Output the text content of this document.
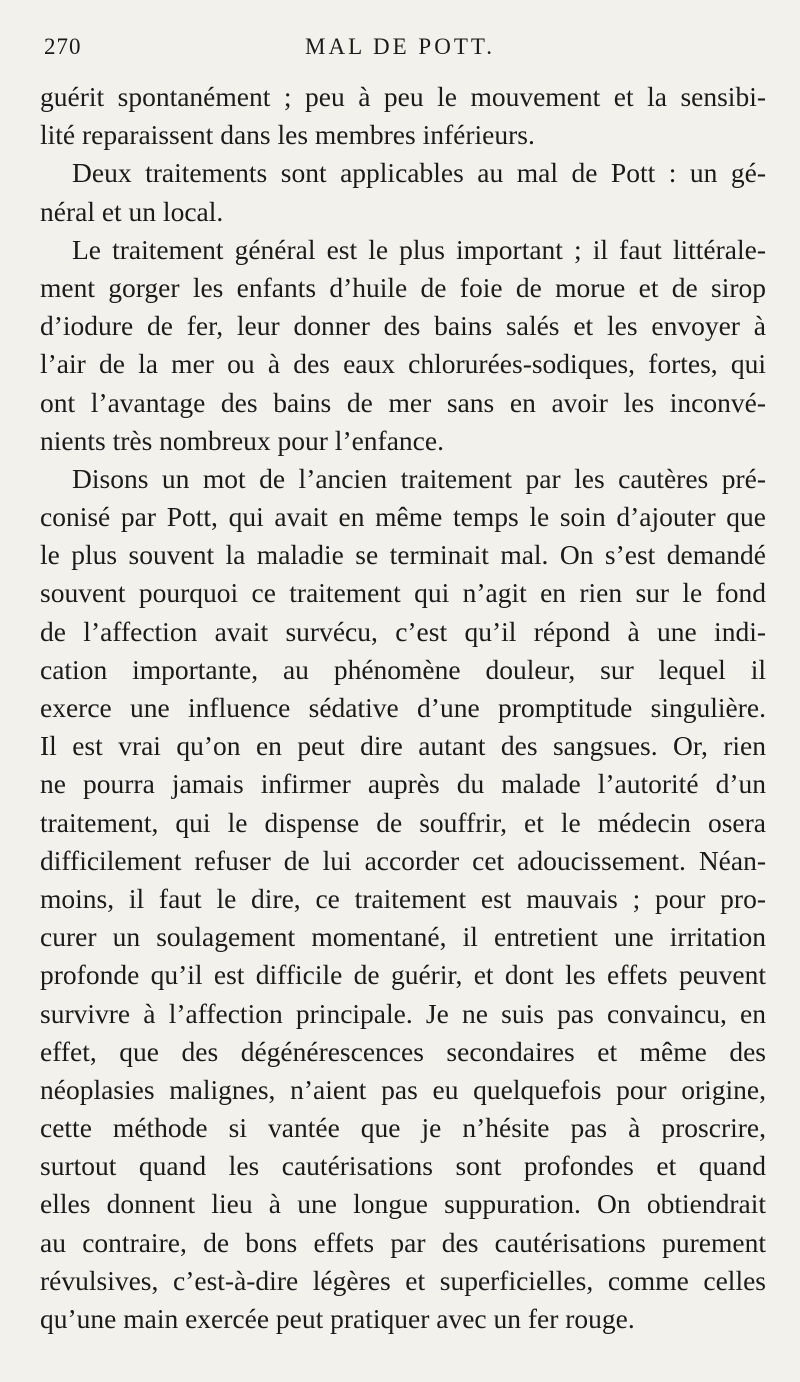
270	MAL DE POTT.
guérit spontanément ; peu à peu le mouvement et la sensibi-
lité reparaissent dans les membres inférieurs.
Deux traitements sont applicables au mal de Pott : un gé-
néral et un local.
Le traitement général est le plus important ; il faut littérale-
ment gorger les enfants d’huile de foie de morue et de sirop
d’iodure de fer, leur donner des bains salés et les envoyer à
l’air de la mer ou à des eaux chlorurées-sodiques, fortes, qui
ont l’avantage des bains de mer sans en avoir les inconvé-
nients très nombreux pour l’enfance.
Disons un mot de l’ancien traitement par les cautères pré-
conisé par Pott, qui avait en même temps le soin d’ajouter que
le plus souvent la maladie se terminait mal. On s’est demandé
souvent pourquoi ce traitement qui n’agit en rien sur le fond
de l’affection avait survécu, c’est qu’il répond à une indi-
cation importante, au phénomène douleur, sur lequel il
exerce une influence sédative d’une promptitude singulière.
Il est vrai qu’on en peut dire autant des sangsues. Or, rien
ne pourra jamais infirmer auprès du malade l’autorité d’un
traitement, qui le dispense de souffrir, et le médecin osera
difficilement refuser de lui accorder cet adoucissement. Néan-
moins, il faut le dire, ce traitement est mauvais ; pour pro-
curer un soulagement momentané, il entretient une irritation
profonde qu’il est difficile de guérir, et dont les effets peuvent
survivre à l’affection principale. Je ne suis pas convaincu, en
effet, que des dégénérescences secondaires et même des
néoplasies malignes, n’aient pas eu quelquefois pour origine,
cette méthode si vantée que je n’hésite pas à proscrire,
surtout quand les cautérisations sont profondes et quand
elles donnent lieu à une longue suppuration. On obtiendrait
au contraire, de bons effets par des cautérisations purement
révulsives, c’est-à-dire légères et superficielles, comme celles
qu’une main exercée peut pratiquer avec un fer rouge.
